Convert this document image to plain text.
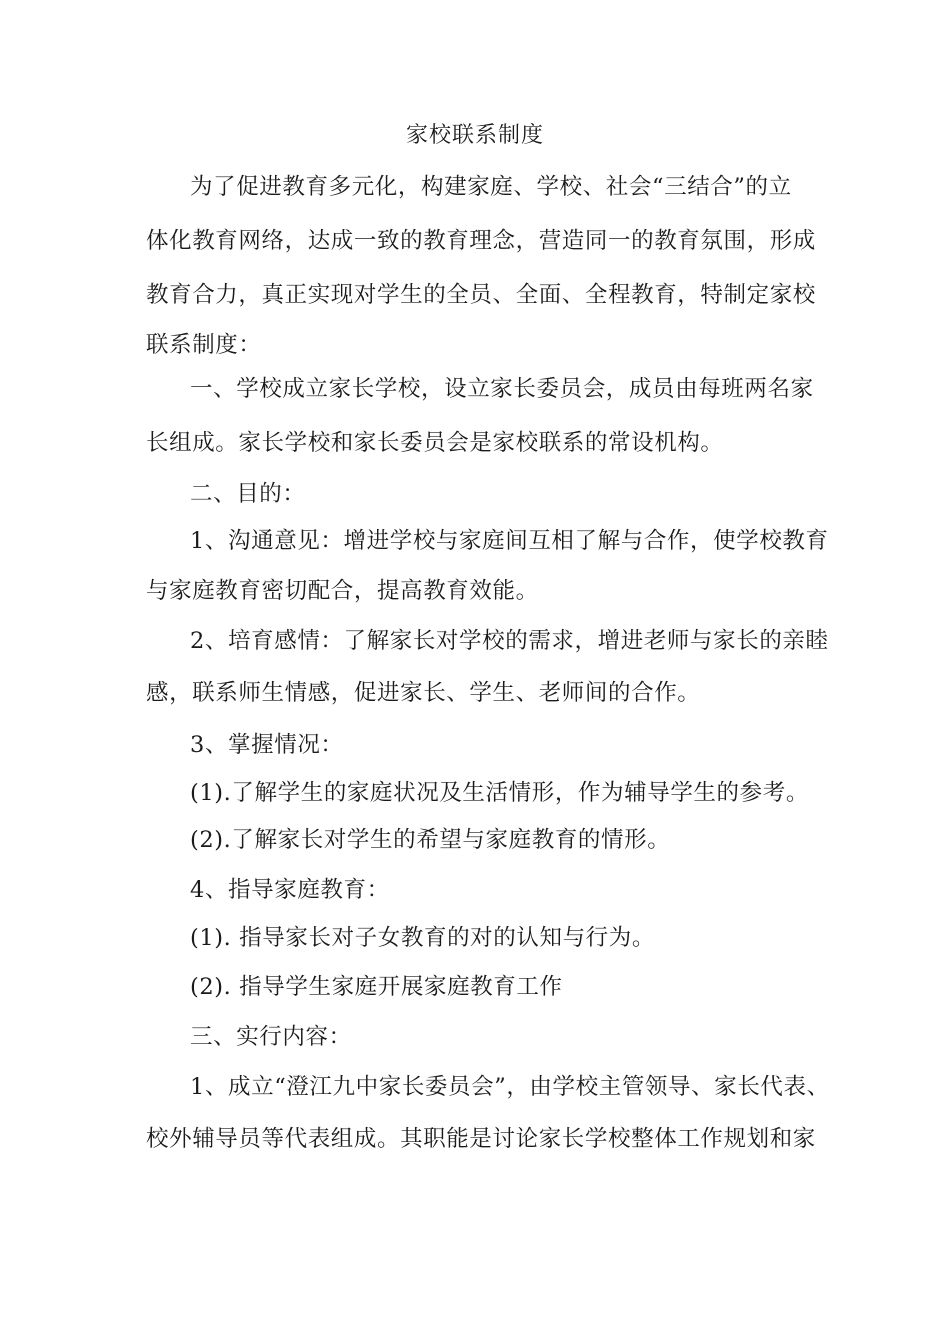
家校联系制度
为了促进教育多元化，构建家庭、学校、社会“三结合”的立
体化教育网络，达成一致的教育理念，营造同一的教育氛围，形成
教育合力，真正实现对学生的全员、全面、全程教育，特制定家校
联系制度：
一、学校成立家长学校，设立家长委员会，成员由每班两名家
长组成。家长学校和家长委员会是家校联系的常设机构。
二、目的：
1、沟通意见：增进学校与家庭间互相了解与合作，使学校教育
与家庭教育密切配合，提高教育效能。
2、培育感情：了解家长对学校的需求，增进老师与家长的亲睦
感，联系师生情感，促进家长、学生、老师间的合作。
3、掌握情况：
(1).了解学生的家庭状况及生活情形，作为辅导学生的参考。
(2).了解家长对学生的希望与家庭教育的情形。
4、指导家庭教育：
(1). 指导家长对子女教育的对的认知与行为。
(2). 指导学生家庭开展家庭教育工作
三、实行内容：
1、成立“澄江九中家长委员会”，由学校主管领导、家长代表、
校外辅导员等代表组成。其职能是讨论家长学校整体工作规划和家
